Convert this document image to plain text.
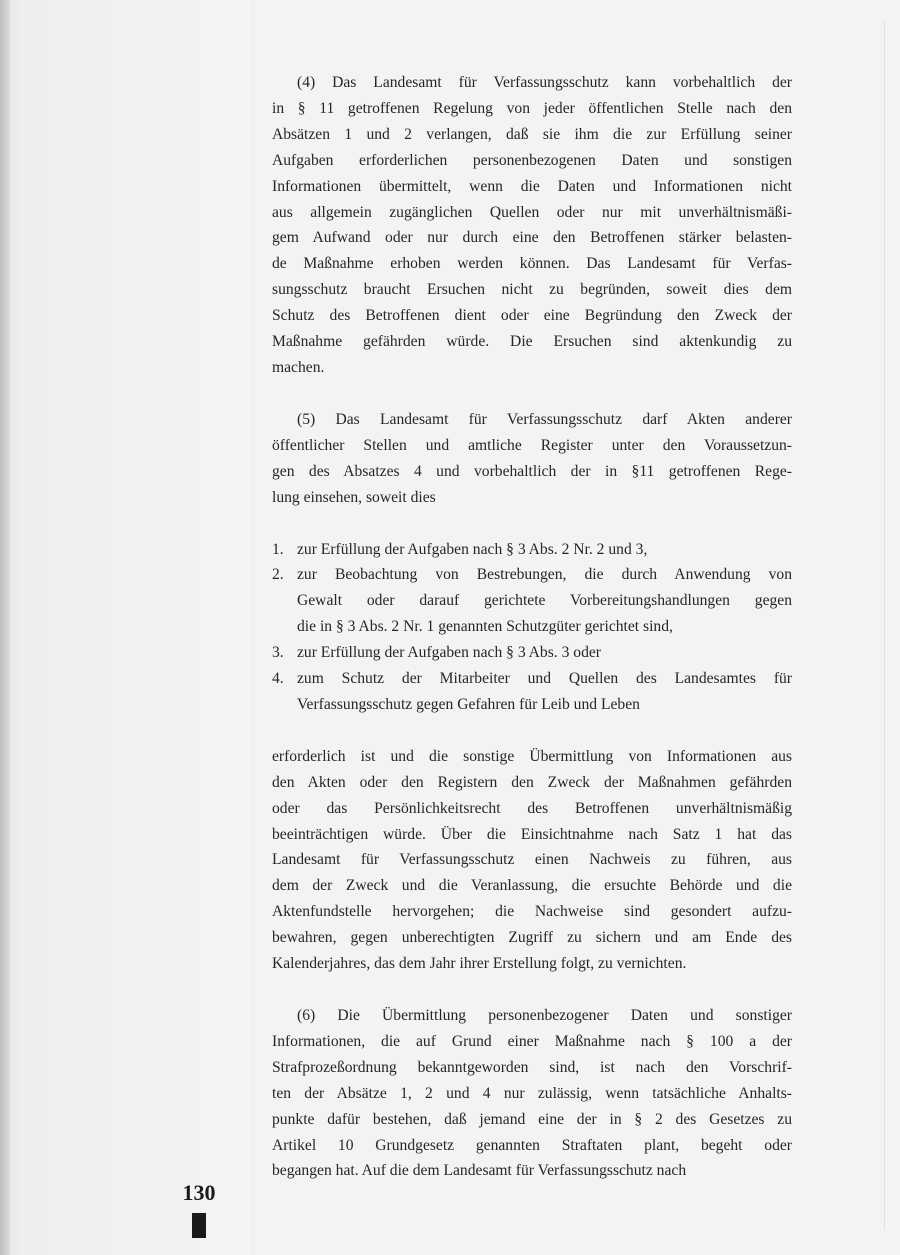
(4) Das Landesamt für Verfassungsschutz kann vorbehaltlich der
in § 11 getroffenen Regelung von jeder öffentlichen Stelle nach den
Absätzen 1 und 2 verlangen, daß sie ihm die zur Erfüllung seiner
Aufgaben erforderlichen personenbezogenen Daten und sonstigen
Informationen übermittelt, wenn die Daten und Informationen nicht
aus allgemein zugänglichen Quellen oder nur mit unverhältnismäßi-
gem Aufwand oder nur durch eine den Betroffenen stärker belasten-
de Maßnahme erhoben werden können. Das Landesamt für Verfas-
sungsschutz braucht Ersuchen nicht zu begründen, soweit dies dem
Schutz des Betroffenen dient oder eine Begründung den Zweck der
Maßnahme gefährden würde. Die Ersuchen sind aktenkundig zu
machen.

(5) Das Landesamt für Verfassungsschutz darf Akten anderer
öffentlicher Stellen und amtliche Register unter den Voraussetzun-
gen des Absatzes 4 und vorbehaltlich der in §11 getroffenen Rege-
lung einsehen, soweit dies

1. zur Erfüllung der Aufgaben nach § 3 Abs. 2 Nr. 2 und 3,
2. zur Beobachtung von Bestrebungen, die durch Anwendung von
Gewalt oder darauf gerichtete Vorbereitungshandlungen gegen
die in § 3 Abs. 2 Nr. 1 genannten Schutzgüter gerichtet sind,
3. zur Erfüllung der Aufgaben nach § 3 Abs. 3 oder
4. zum Schutz der Mitarbeiter und Quellen des Landesamtes für
Verfassungsschutz gegen Gefahren für Leib und Leben

erforderlich ist und die sonstige Übermittlung von Informationen aus
den Akten oder den Registern den Zweck der Maßnahmen gefährden
oder das Persönlichkeitsrecht des Betroffenen unverhältnismäßig
beeinträchtigen würde. Über die Einsichtnahme nach Satz 1 hat das
Landesamt für Verfassungsschutz einen Nachweis zu führen, aus
dem der Zweck und die Veranlassung, die ersuchte Behörde und die
Aktenfundstelle hervorgehen; die Nachweise sind gesondert aufzu-
bewahren, gegen unberechtigten Zugriff zu sichern und am Ende des
Kalenderjahres, das dem Jahr ihrer Erstellung folgt, zu vernichten.

(6) Die Übermittlung personenbezogener Daten und sonstiger
Informationen, die auf Grund einer Maßnahme nach § 100 a der
Strafprozeßordnung bekanntgeworden sind, ist nach den Vorschrif-
ten der Absätze 1, 2 und 4 nur zulässig, wenn tatsächliche Anhalts-
punkte dafür bestehen, daß jemand eine der in § 2 des Gesetzes zu
Artikel 10 Grundgesetz genannten Straftaten plant, begeht oder
begangen hat. Auf die dem Landesamt für Verfassungsschutz nach

130
